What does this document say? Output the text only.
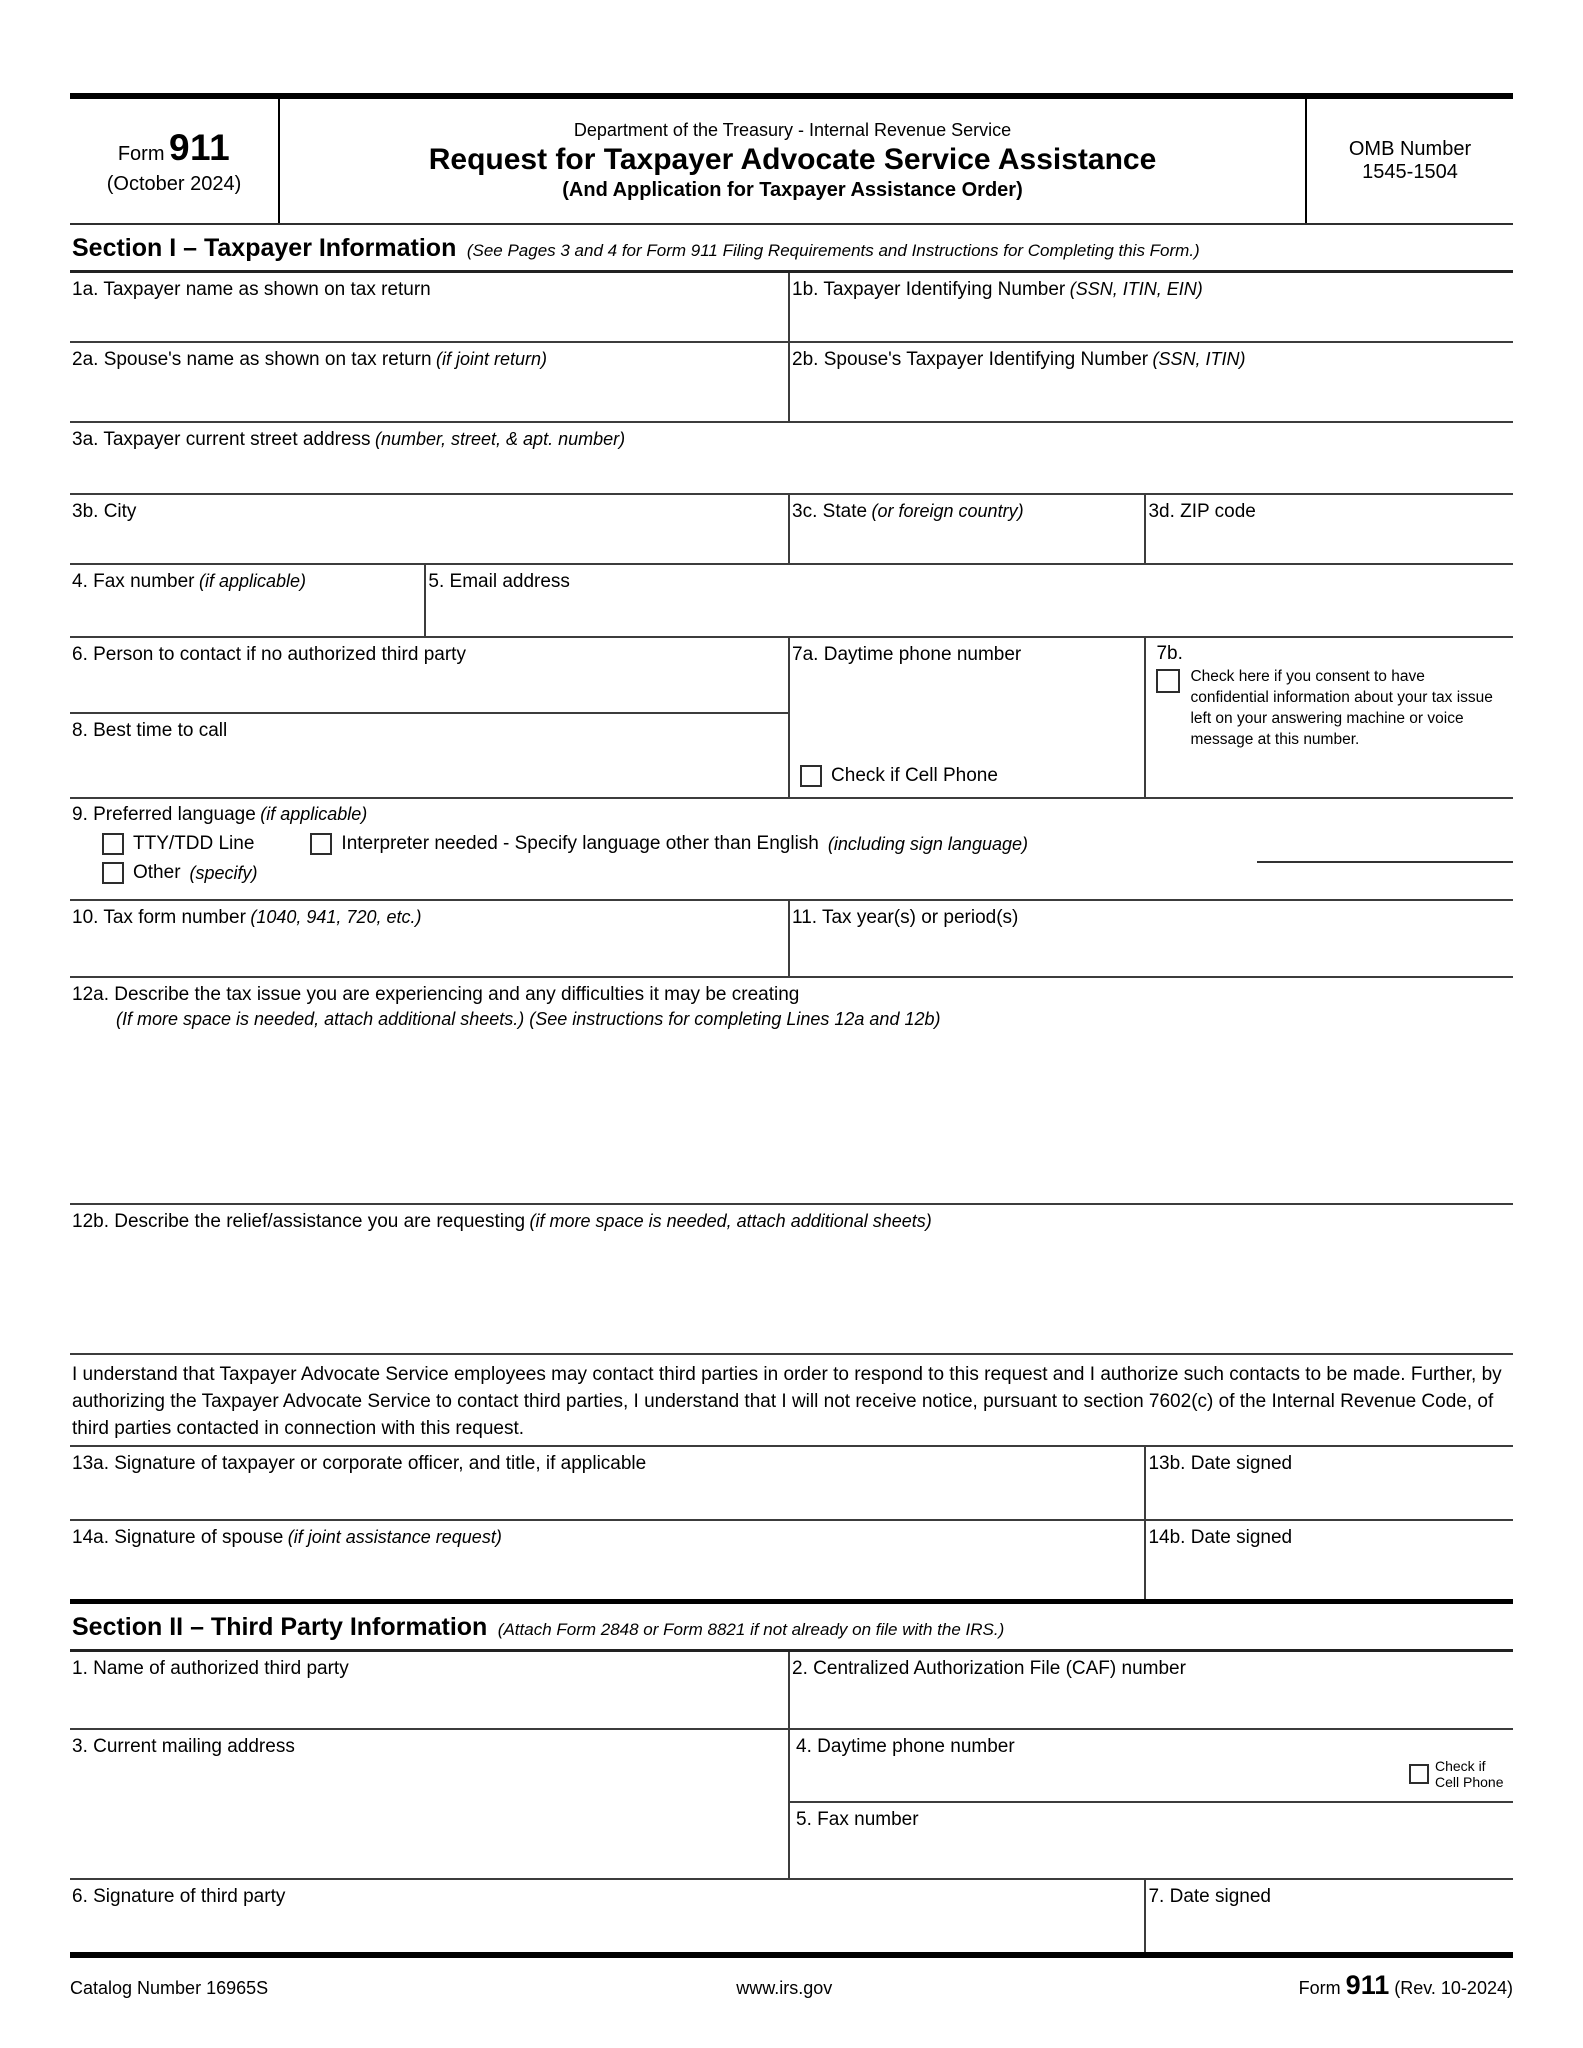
Form 911
(October 2024)
Department of the Treasury - Internal Revenue Service
Request for Taxpayer Advocate Service Assistance
(And Application for Taxpayer Assistance Order)
OMB Number
1545-1504
Section I – Taxpayer Information (See Pages 3 and 4 for Form 911 Filing Requirements and Instructions for Completing this Form.)
1a. Taxpayer name as shown on tax return	1b. Taxpayer Identifying Number (SSN, ITIN, EIN)
2a. Spouse's name as shown on tax return (if joint return)	2b. Spouse's Taxpayer Identifying Number (SSN, ITIN)
3a. Taxpayer current street address (number, street, & apt. number)
3b. City	3c. State (or foreign country)	3d. ZIP code
4. Fax number (if applicable)	5. Email address
6. Person to contact if no authorized third party
8. Best time to call
7a. Daytime phone number
Check if Cell Phone
7b.
Check here if you consent to have confidential information about your tax issue left on your answering machine or voice message at this number.
9. Preferred language (if applicable)
TTY/TDD Line	Interpreter needed - Specify language other than English (including sign language)
Other (specify)
10. Tax form number (1040, 941, 720, etc.)	11. Tax year(s) or period(s)
12a. Describe the tax issue you are experiencing and any difficulties it may be creating
(If more space is needed, attach additional sheets.) (See instructions for completing Lines 12a and 12b)
12b. Describe the relief/assistance you are requesting (if more space is needed, attach additional sheets)
I understand that Taxpayer Advocate Service employees may contact third parties in order to respond to this request and I authorize such contacts to be made. Further, by authorizing the Taxpayer Advocate Service to contact third parties, I understand that I will not receive notice, pursuant to section 7602(c) of the Internal Revenue Code, of third parties contacted in connection with this request.
13a. Signature of taxpayer or corporate officer, and title, if applicable	13b. Date signed
14a. Signature of spouse (if joint assistance request)	14b. Date signed
Section II – Third Party Information (Attach Form 2848 or Form 8821 if not already on file with the IRS.)
1. Name of authorized third party	2. Centralized Authorization File (CAF) number
3. Current mailing address	4. Daytime phone number
Check if Cell Phone
5. Fax number
6. Signature of third party	7. Date signed
Catalog Number 16965S	www.irs.gov	Form 911 (Rev. 10-2024)
